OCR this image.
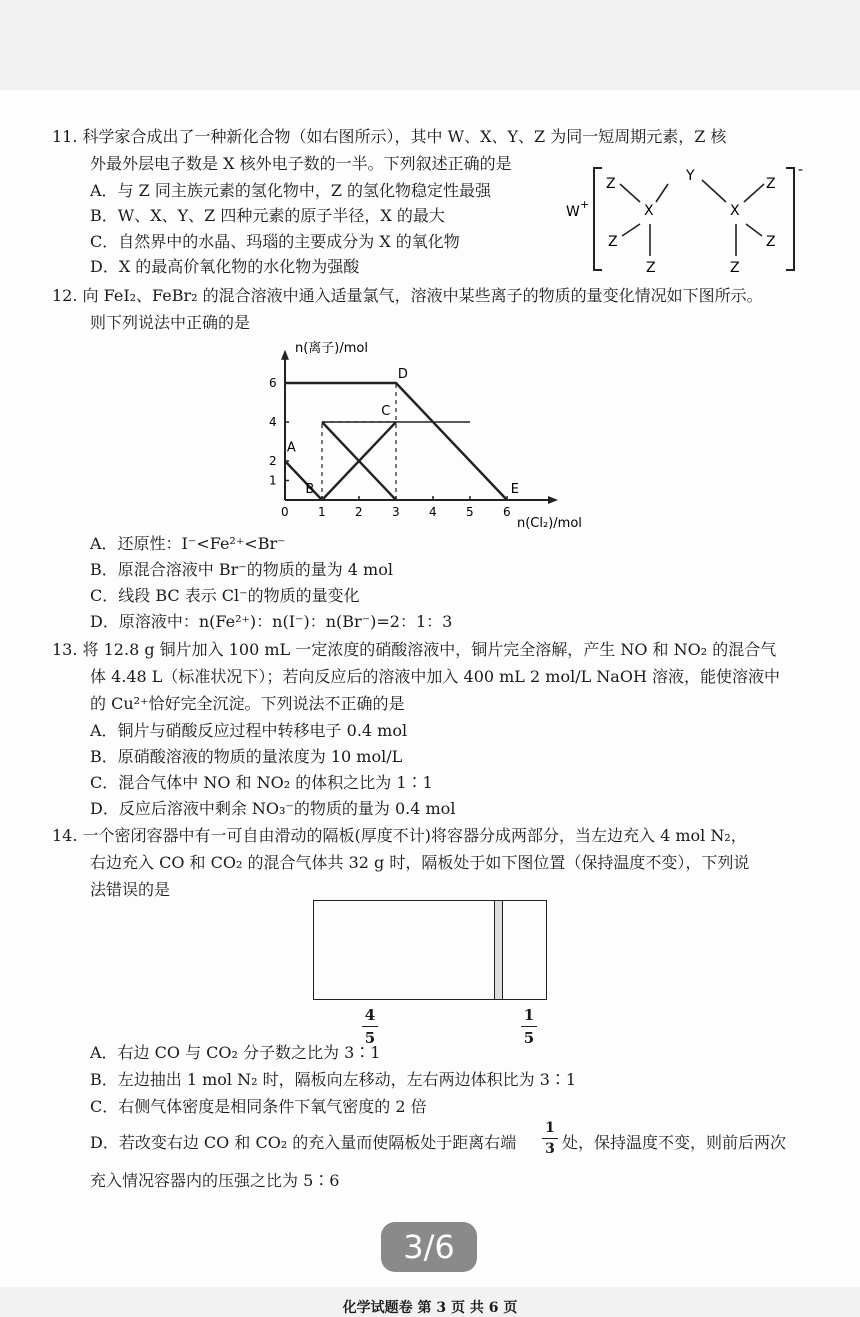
11. 科学家合成出了一种新化合物（如右图所示），其中 W、X、Y、Z 为同一短周期元素，Z 核
外最外层电子数是 X 核外电子数的一半。下列叙述正确的是
A．与 Z 同主族元素的氢化物中，Z 的氢化物稳定性最强
B．W、X、Y、Z 四种元素的原子半径，X 的最大
C．自然界中的水晶、玛瑙的主要成分为 X 的氧化物
D．X 的最高价氧化物的水化物为强酸
W +
-
Z	Y	Z
X	X
Z	Z
Z	Z
12. 向 FeI₂、FeBr₂ 的混合溶液中通入适量氯气，溶液中某些离子的物质的量变化情况如下图所示。
则下列说法中正确的是
n(离子)/mol
n(Cl₂)/mol
0 1 2 3 4 5 6
1
2
4
6
A
B
C
D
E
A．还原性：I⁻<Fe²⁺<Br⁻
B．原混合溶液中 Br⁻的物质的量为 4 mol
C．线段 BC 表示 Cl⁻的物质的量变化
D．原溶液中：n(Fe²⁺)：n(I⁻)：n(Br⁻)=2：1：3
13. 将 12.8 g 铜片加入 100 mL 一定浓度的硝酸溶液中，铜片完全溶解，产生 NO 和 NO₂ 的混合气
体 4.48 L（标准状况下）；若向反应后的溶液中加入 400 mL 2 mol/L NaOH 溶液，能使溶液中
的 Cu²⁺恰好完全沉淀。下列说法不正确的是
A．铜片与硝酸反应过程中转移电子 0.4 mol
B．原硝酸溶液的物质的量浓度为 10 mol/L
C．混合气体中 NO 和 NO₂ 的体积之比为 1∶1
D．反应后溶液中剩余 NO₃⁻的物质的量为 0.4 mol
14. 一个密闭容器中有一可自由滑动的隔板(厚度不计)将容器分成两部分，当左边充入 4 mol N₂，
右边充入 CO 和 CO₂ 的混合气体共 32 g 时，隔板处于如下图位置（保持温度不变），下列说
法错误的是
4
5
1
5
A．右边 CO 与 CO₂ 分子数之比为 3∶1
B．左边抽出 1 mol N₂ 时，隔板向左移动，左右两边体积比为 3∶1
C．右侧气体密度是相同条件下氧气密度的 2 倍
D．若改变右边 CO 和 CO₂ 的充入量而使隔板处于距离右端
1
3 处，保持温度不变，则前后两次
充入情况容器内的压强之比为 5∶6
化学试题卷 第 3 页 共 6 页
3/6
